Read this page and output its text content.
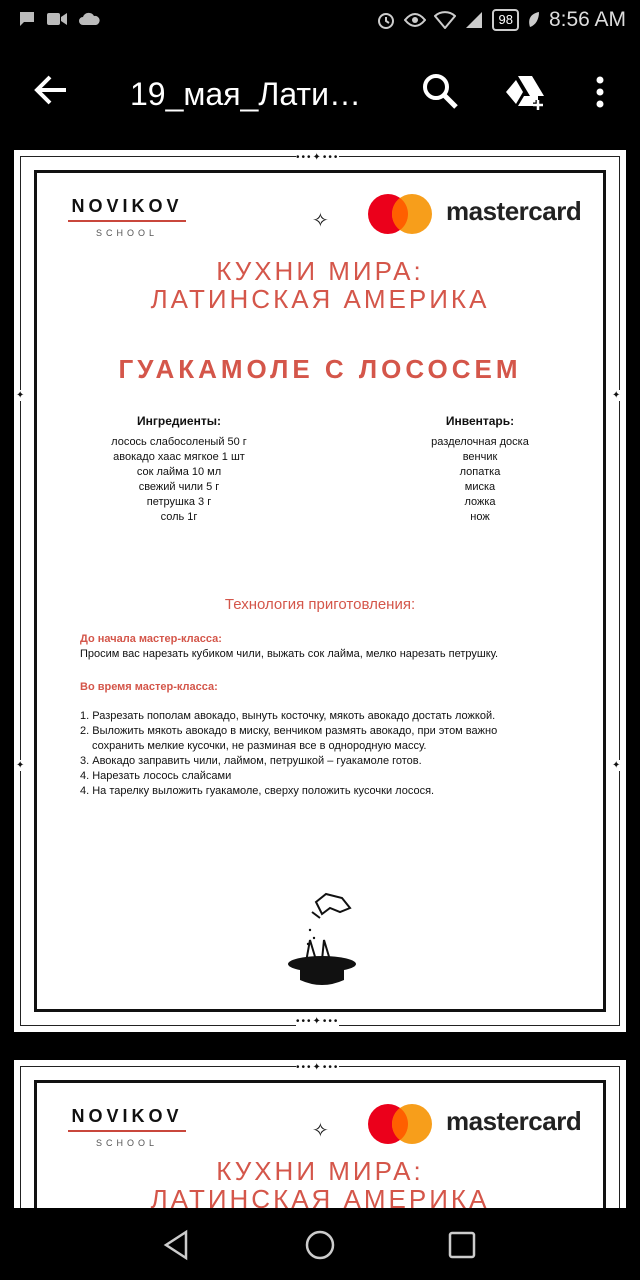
98 8:56 AM
19_мая_Лати…
•••✦•••
•••✦•••
✦	✦
✦	✦
NOVIKOV
SCHOOL
✧	mastercard
КУХНИ МИРА:
ЛАТИНСКАЯ АМЕРИКА
ГУАКАМОЛЕ С ЛОСОСЕМ
Ингредиенты:
лосось слабосоленый 50 г
авокадо хаас мягкое 1 шт
сок лайма 10 мл
свежий чили 5 г
петрушка 3 г
соль 1г
Инвентарь:
разделочная доска
венчик
лопатка
миска
ложка
нож
Технология приготовления:
До начала мастер-класса:
Просим вас нарезать кубиком чили, выжать сок лайма, мелко нарезать петрушку.
Во время мастер-класса:
1. Разрезать пополам авокадо, вынуть косточку, мякоть авокадо достать ложкой.
2. Выложить мякоть авокадо в миску, венчиком размять авокадо, при этом важно
сохранить мелкие кусочки, не разминая все в однородную массу.
3. Авокадо заправить чили, лаймом, петрушкой – гуакамоле готов.
4. Нарезать лосось слайсами
4. На тарелку выложить гуакамоле, сверху положить кусочки лосося.
•••✦•••
NOVIKOV
SCHOOL
✧	mastercard
КУХНИ МИРА:
ЛАТИНСКАЯ АМЕРИКА
